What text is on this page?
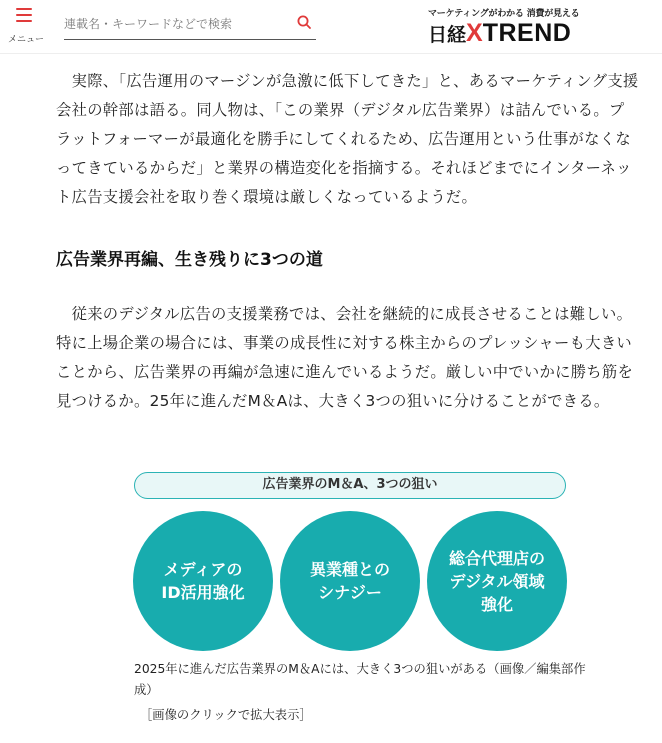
メニュー
連載名・キーワードなどで検索
マーケティングがわかる 消費が見える
日経XTREND

　実際、「広告運用のマージンが急激に低下してきた」と、あるマーケティング支援会社の幹部は語る。同人物は、「この業界（デジタル広告業界）は詰んでいる。プラットフォーマーが最適化を勝手にしてくれるため、広告運用という仕事がなくなってきているからだ」と業界の構造変化を指摘する。それほどまでにインターネット広告支援会社を取り巻く環境は厳しくなっているようだ。

広告業界再編、生き残りに3つの道

　従来のデジタル広告の支援業務では、会社を継続的に成長させることは難しい。特に上場企業の場合には、事業の成長性に対する株主からのプレッシャーも大きいことから、広告業界の再編が急速に進んでいるようだ。厳しい中でいかに勝ち筋を見つけるか。25年に進んだM＆Aは、大きく3つの狙いに分けることができる。

広告業界のM＆A、3つの狙い
メディアの
ID活用強化
異業種との
シナジー
総合代理店の
デジタル領域
強化

2025年に進んだ広告業界のM＆Aには、大きく3つの狙いがある（画像／編集部作成）

［画像のクリックで拡大表示］
